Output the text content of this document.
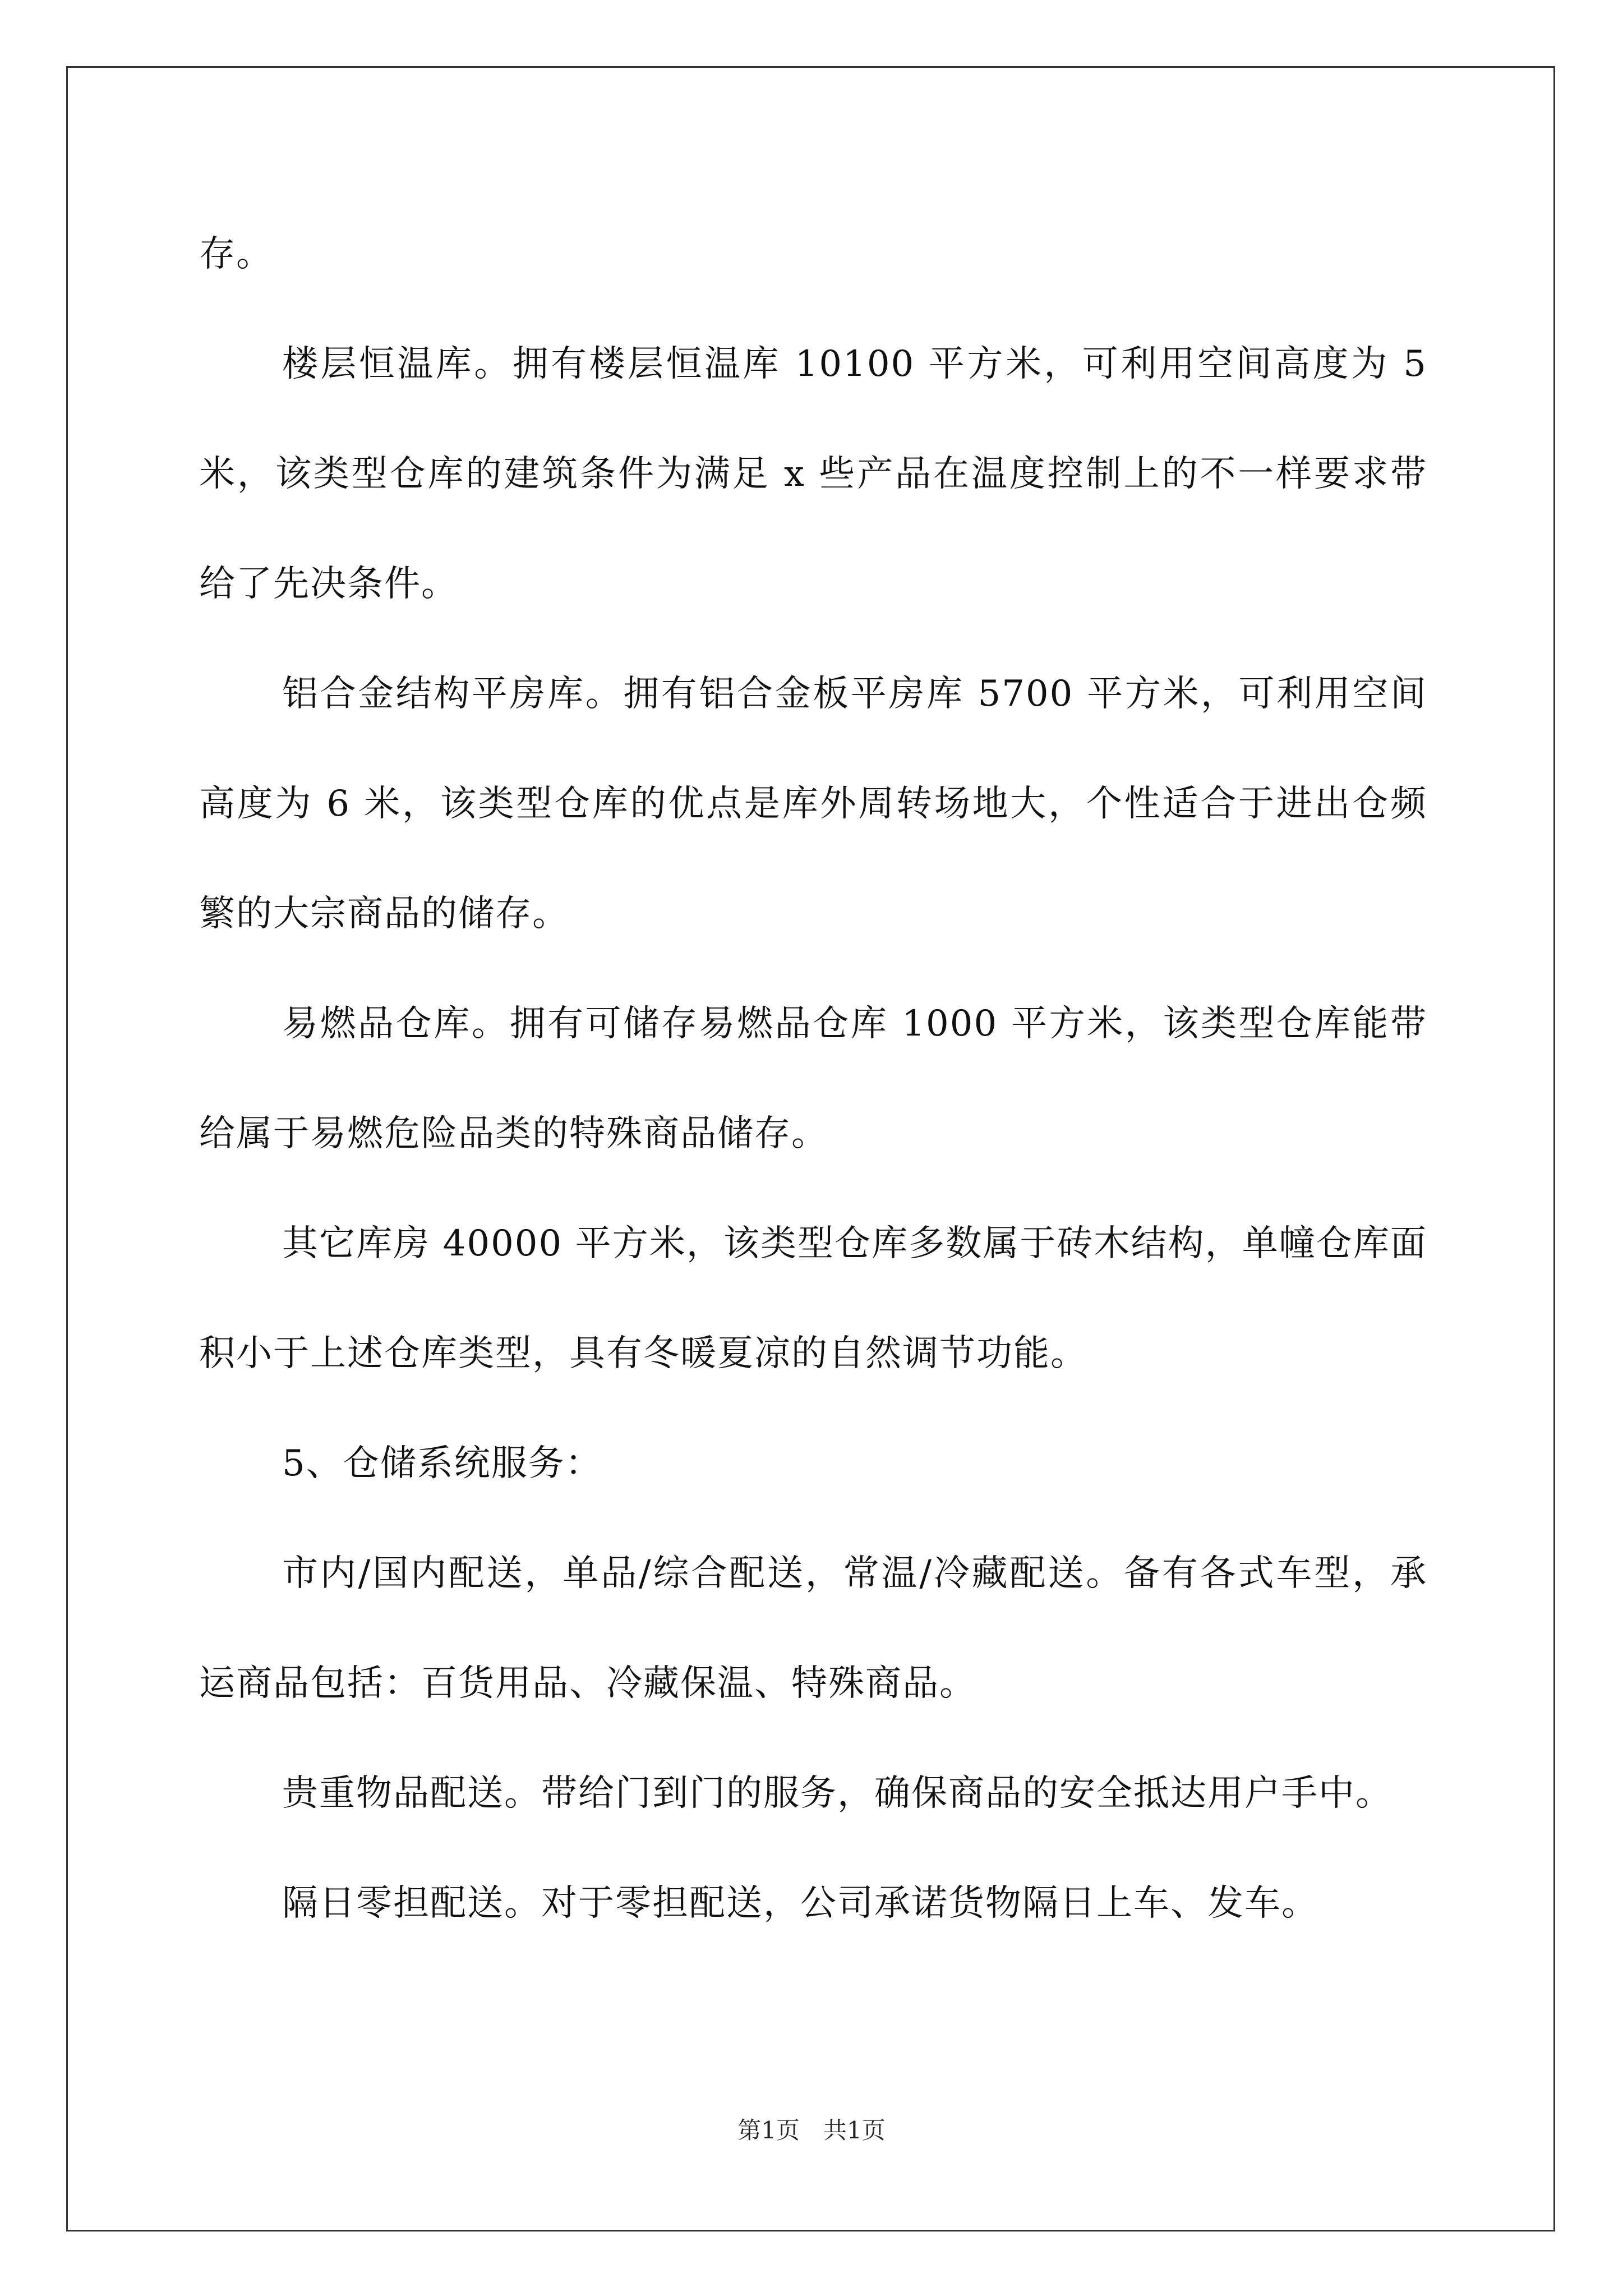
存。

楼层恒温库。拥有楼层恒温库 10100 平方米，可利用空间高度为 5 米，该类型仓库的建筑条件为满足 x 些产品在温度控制上的不一样要求带给了先决条件。

铝合金结构平房库。拥有铝合金板平房库 5700 平方米，可利用空间高度为 6 米，该类型仓库的优点是库外周转场地大，个性适合于进出仓频繁的大宗商品的储存。

易燃品仓库。拥有可储存易燃品仓库 1000 平方米，该类型仓库能带给属于易燃危险品类的特殊商品储存。

其它库房 40000 平方米，该类型仓库多数属于砖木结构，单幢仓库面积小于上述仓库类型，具有冬暖夏凉的自然调节功能。

5、仓储系统服务：

市内/国内配送，单品/综合配送，常温/冷藏配送。备有各式车型，承运商品包括：百货用品、冷藏保温、特殊商品。

贵重物品配送。带给门到门的服务，确保商品的安全抵达用户手中。

隔日零担配送。对于零担配送，公司承诺货物隔日上车、发车。

第1页　共1页
